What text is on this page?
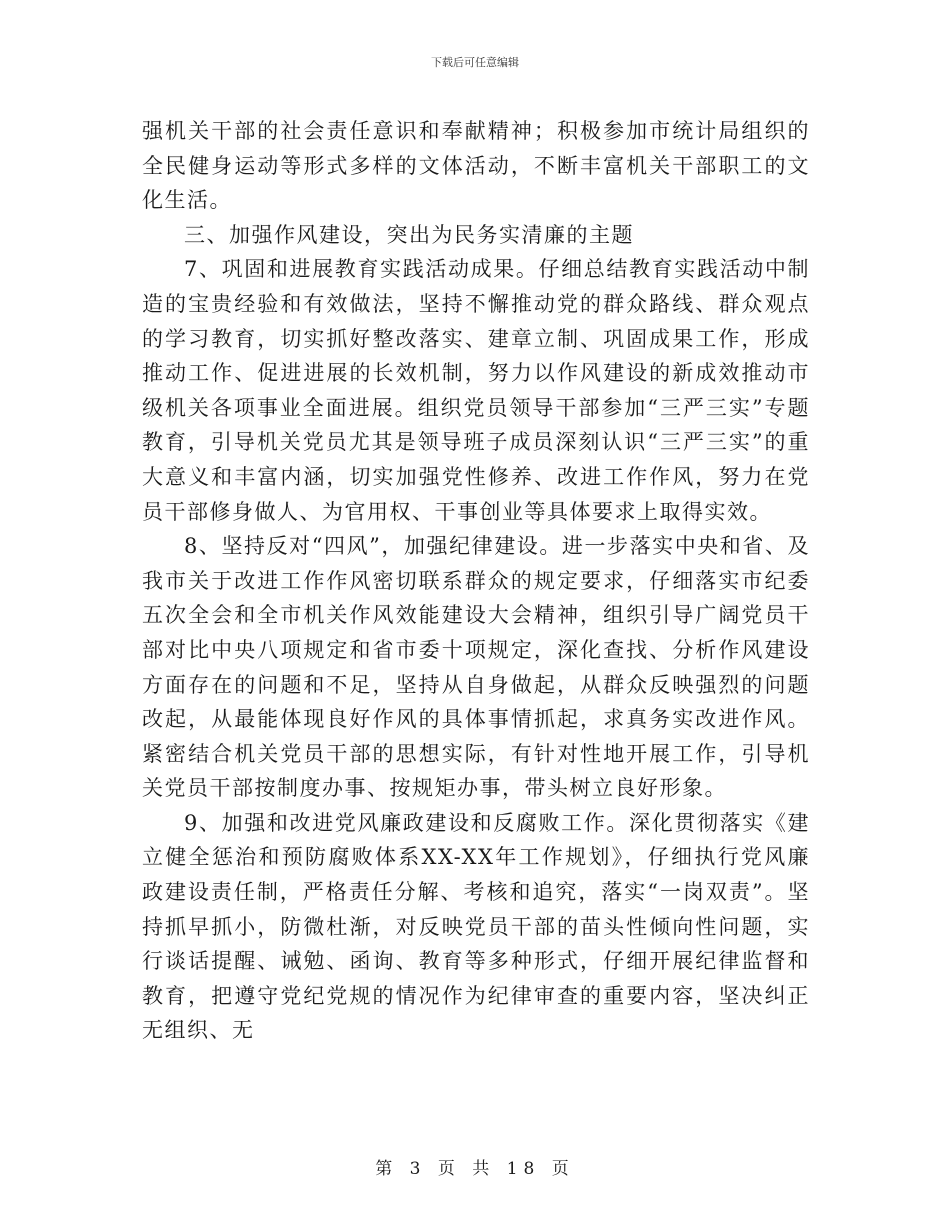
下载后可任意编辑

强机关干部的社会责任意识和奉献精神；积极参加市统计局组织的全民健身运动等形式多样的文体活动，不断丰富机关干部职工的文化生活。

三、加强作风建设，突出为民务实清廉的主题

7、巩固和进展教育实践活动成果。仔细总结教育实践活动中制造的宝贵经验和有效做法，坚持不懈推动党的群众路线、群众观点的学习教育，切实抓好整改落实、建章立制、巩固成果工作，形成推动工作、促进进展的长效机制，努力以作风建设的新成效推动市级机关各项事业全面进展。组织党员领导干部参加“三严三实”专题教育，引导机关党员尤其是领导班子成员深刻认识“三严三实”的重大意义和丰富内涵，切实加强党性修养、改进工作作风，努力在党员干部修身做人、为官用权、干事创业等具体要求上取得实效。

8、坚持反对“四风”，加强纪律建设。进一步落实中央和省、及我市关于改进工作作风密切联系群众的规定要求，仔细落实市纪委五次全会和全市机关作风效能建设大会精神，组织引导广阔党员干部对比中央八项规定和省市委十项规定，深化查找、分析作风建设方面存在的问题和不足，坚持从自身做起，从群众反映强烈的问题改起，从最能体现良好作风的具体事情抓起，求真务实改进作风。紧密结合机关党员干部的思想实际，有针对性地开展工作，引导机关党员干部按制度办事、按规矩办事，带头树立良好形象。

9、加强和改进党风廉政建设和反腐败工作。深化贯彻落实《建立健全惩治和预防腐败体系XX-XX年工作规划》，仔细执行党风廉政建设责任制，严格责任分解、考核和追究，落实“一岗双责”。坚持抓早抓小，防微杜渐，对反映党员干部的苗头性倾向性问题，实行谈话提醒、诫勉、函询、教育等多种形式，仔细开展纪律监督和教育，把遵守党纪党规的情况作为纪律审查的重要内容，坚决纠正无组织、无

第 3 页 共 18 页
